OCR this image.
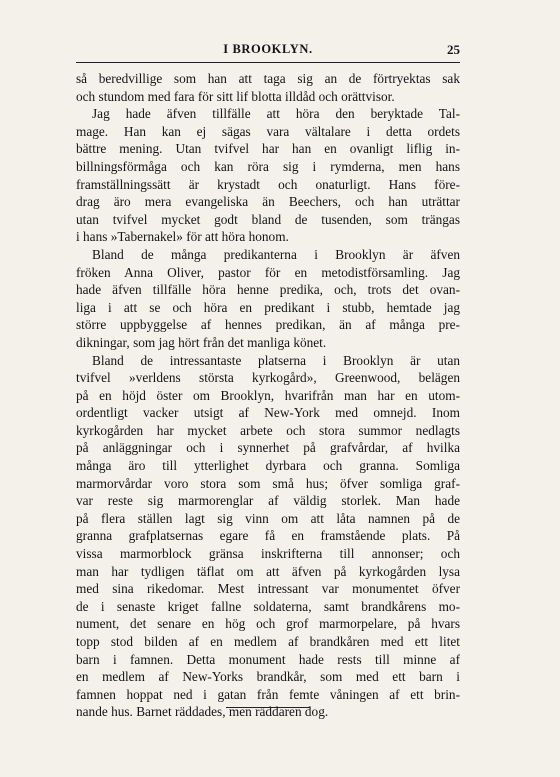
I BROOKLYN.	25
så beredvillige som han att taga sig an de förtryektas sak
och stundom med fara för sitt lif blotta illdåd och orättvisor.
Jag hade äfven tillfälle att höra den beryktade Tal-
mage. Han kan ej sägas vara vältalare i detta ordets
bättre mening. Utan tvifvel har han en ovanligt liflig in-
billningsförmåga och kan röra sig i rymderna, men hans
framställningssätt är krystadt och onaturligt. Hans före-
drag äro mera evangeliska än Beechers, och han uträttar
utan tvifvel mycket godt bland de tusenden, som trängas
i hans »Tabernakel» för att höra honom.
Bland de många predikanterna i Brooklyn är äfven
fröken Anna Oliver, pastor för en metodistförsamling. Jag
hade äfven tillfälle höra henne predika, och, trots det ovan-
liga i att se och höra en predikant i stubb, hemtade jag
större uppbyggelse af hennes predikan, än af många pre-
dikningar, som jag hört från det manliga könet.
Bland de intressantaste platserna i Brooklyn är utan
tvifvel »verldens största kyrkogård», Greenwood, belägen
på en höjd öster om Brooklyn, hvarifrån man har en utom-
ordentligt vacker utsigt af New-York med omnejd. Inom
kyrkogården har mycket arbete och stora summor nedlagts
på anläggningar och i synnerhet på grafvårdar, af hvilka
många äro till ytterlighet dyrbara och granna. Somliga
marmorvårdar voro stora som små hus; öfver somliga graf-
var reste sig marmorenglar af väldig storlek. Man hade
på flera ställen lagt sig vinn om att låta namnen på de
granna grafplatsernas egare få en framstående plats. På
vissa marmorblock gränsa inskrifterna till annonser; och
man har tydligen täflat om att äfven på kyrkogården lysa
med sina rikedomar. Mest intressant var monumentet öfver
de i senaste kriget fallne soldaterna, samt brandkårens mo-
nument, det senare en hög och grof marmorpelare, på hvars
topp stod bilden af en medlem af brandkåren med ett litet
barn i famnen. Detta monument hade rests till minne af
en medlem af New-Yorks brandkår, som med ett barn i
famnen hoppat ned i gatan från femte våningen af ett brin-
nande hus. Barnet räddades, men räddaren dog.
